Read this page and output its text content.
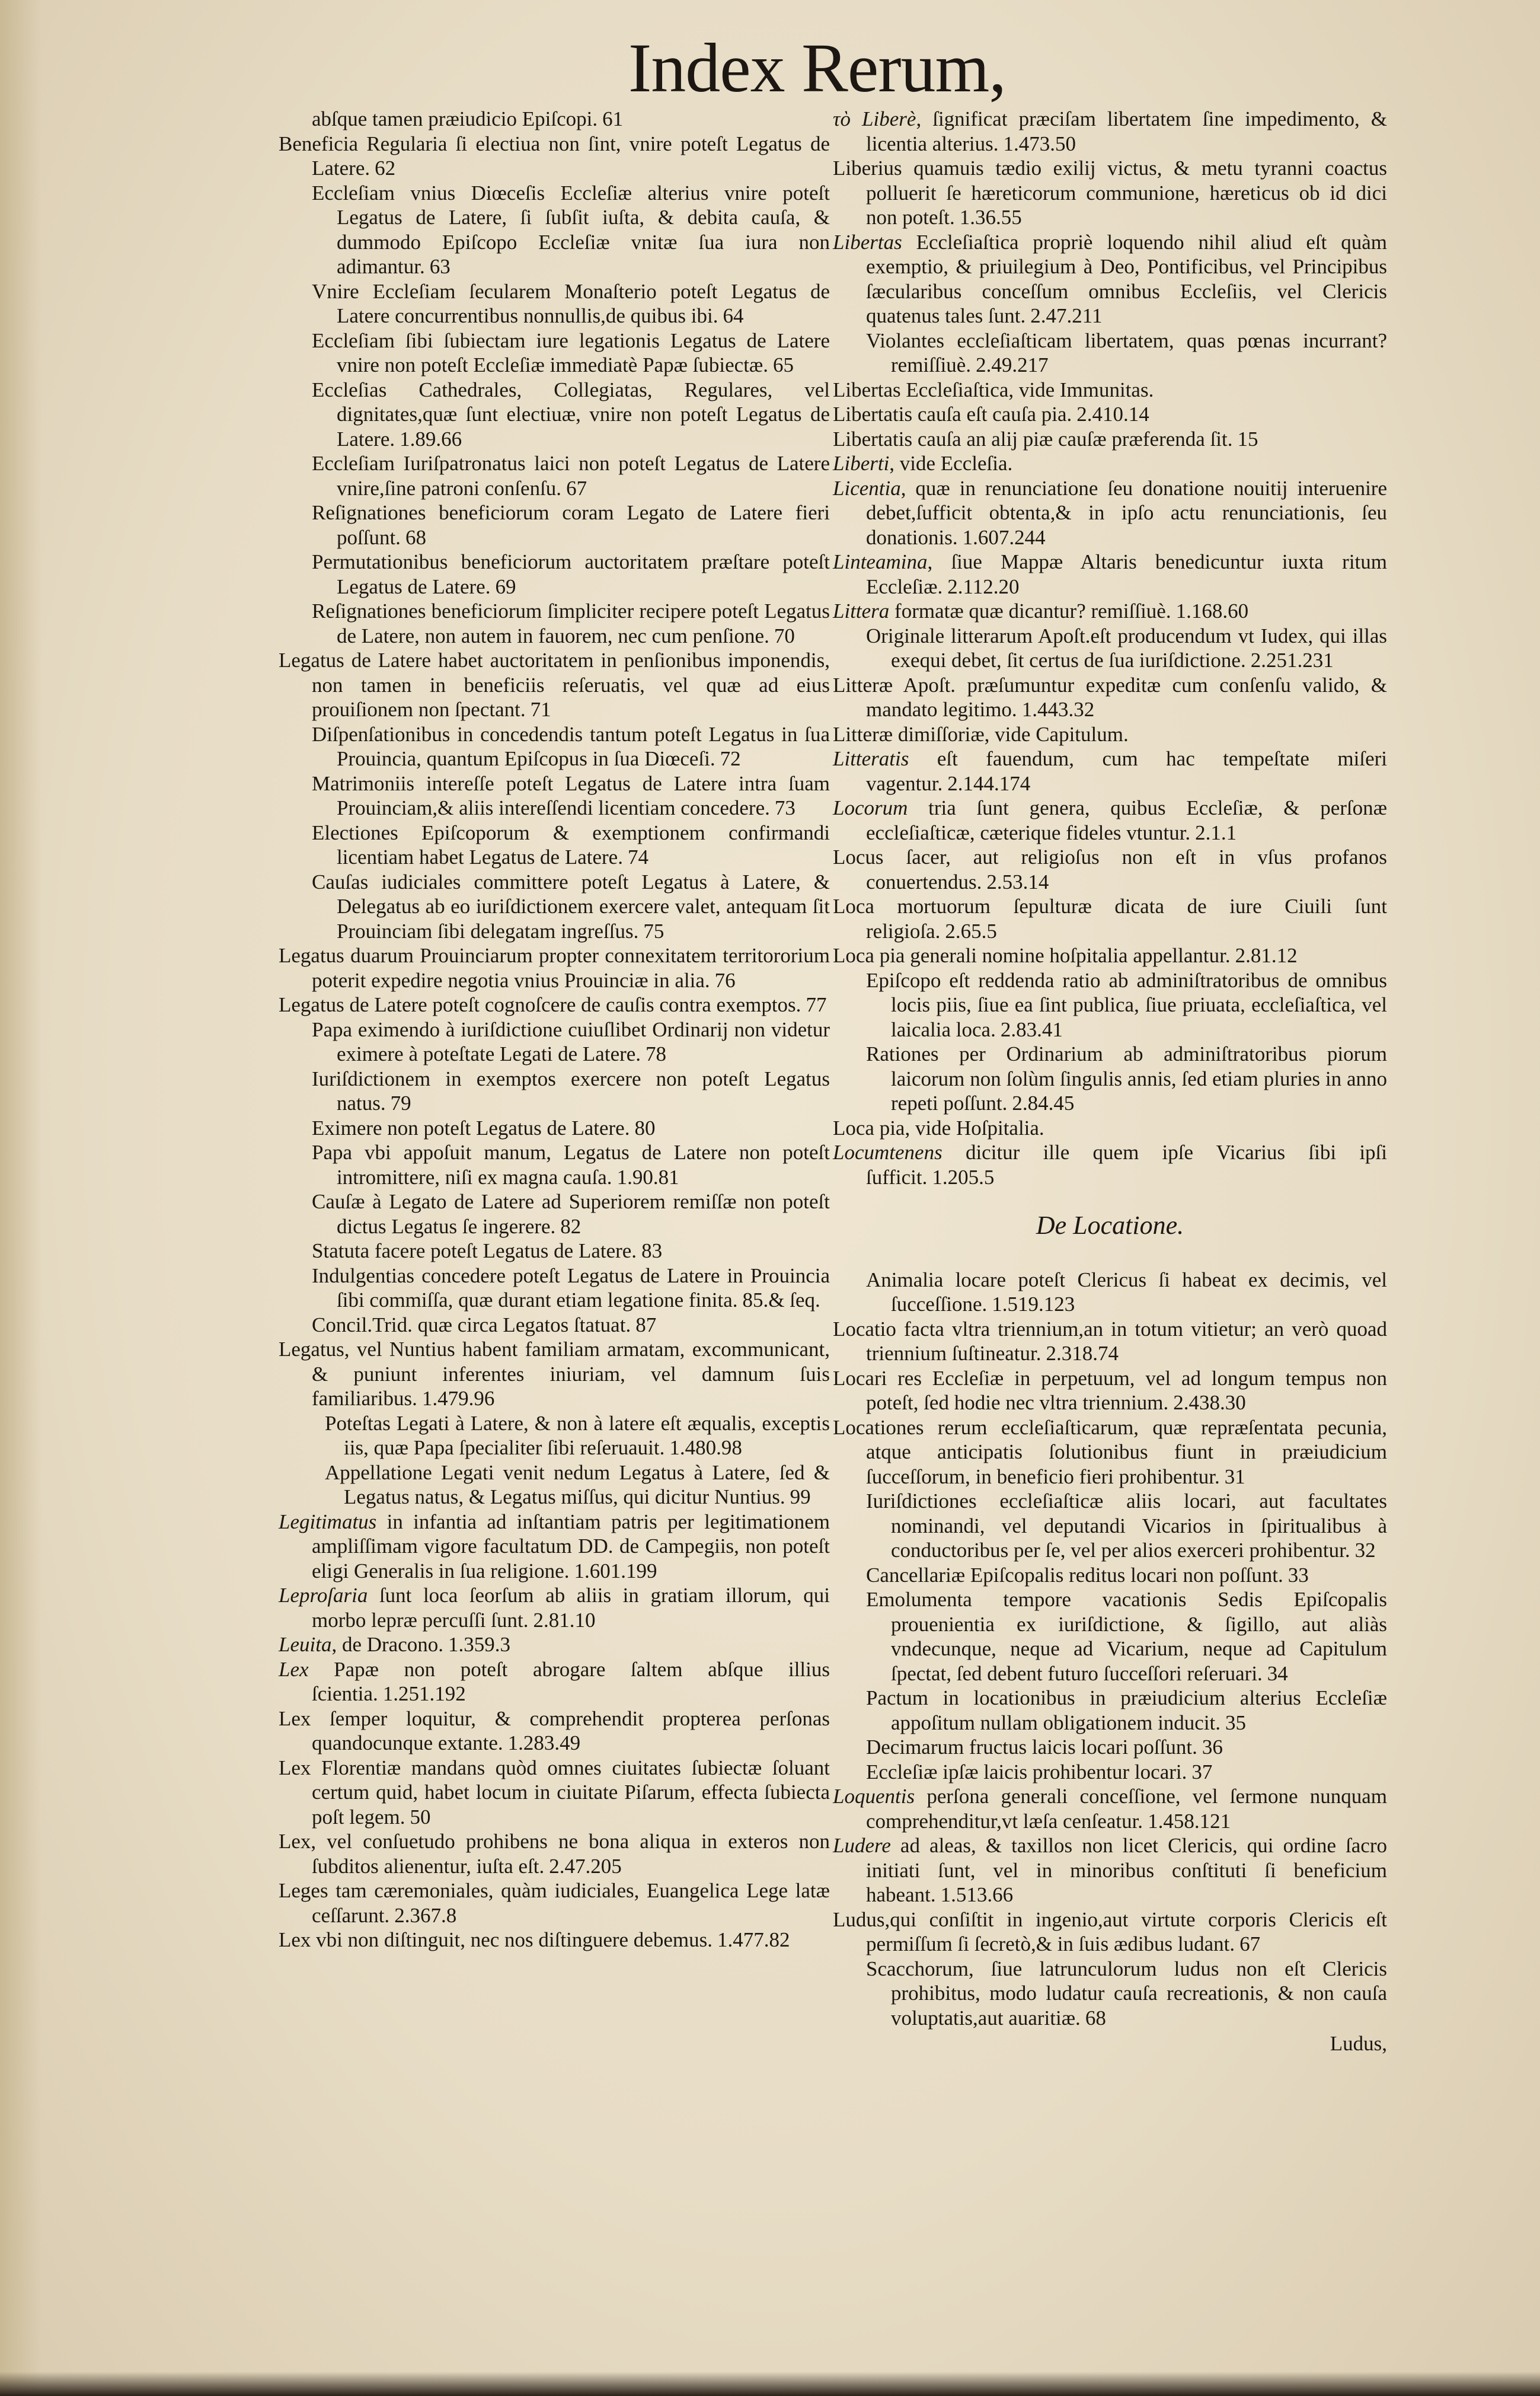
Index Rerum,

abſque tamen præiudicio Epiſcopi. 61

Beneficia Regularia ſi electiua non ſint, vnire poteſt Legatus de Latere. 62

Eccleſiam vnius Diœceſis Eccleſiæ alterius vnire poteſt Legatus de Latere, ſi ſubſit iuſta, & debita cauſa, & dummodo Epiſcopo Eccleſiæ vnitæ ſua iura non adimantur. 63

Vnire Eccleſiam ſecularem Monaſterio poteſt Legatus de Latere concurrentibus nonnullis,de quibus ibi. 64

Eccleſiam ſibi ſubiectam iure legationis Legatus de Latere vnire non poteſt Eccleſiæ immediatè Papæ ſubiectæ. 65

Eccleſias Cathedrales, Collegiatas, Regulares, vel dignitates,quæ ſunt electiuæ, vnire non poteſt Legatus de Latere. 1.89.66

Eccleſiam Iuriſpatronatus laici non poteſt Legatus de Latere vnire,ſine patroni conſenſu. 67

Reſignationes beneficiorum coram Legato de Latere fieri poſſunt. 68

Permutationibus beneficiorum auctoritatem præſtare poteſt Legatus de Latere. 69

Reſignationes beneficiorum ſimpliciter recipere poteſt Legatus de Latere, non autem in fauorem, nec cum penſione. 70

Legatus de Latere habet auctoritatem in penſionibus imponendis, non tamen in beneficiis reſeruatis, vel quæ ad eius prouiſionem non ſpectant. 71

Diſpenſationibus in concedendis tantum poteſt Legatus in ſua Prouincia, quantum Epiſcopus in ſua Diœceſi. 72

Matrimoniis intereſſe poteſt Legatus de Latere intra ſuam Prouinciam,& aliis intereſſendi licentiam concedere. 73

Electiones Epiſcoporum & exemptionem confirmandi licentiam habet Legatus de Latere. 74

Cauſas iudiciales committere poteſt Legatus à Latere, & Delegatus ab eo iuriſdictionem exercere valet, antequam ſit Prouinciam ſibi delegatam ingreſſus. 75

Legatus duarum Prouinciarum propter connexitatem territororium poterit expedire negotia vnius Prouinciæ in alia. 76

Legatus de Latere poteſt cognoſcere de cauſis contra exemptos. 77

Papa eximendo à iuriſdictione cuiuſlibet Ordinarij non videtur eximere à poteſtate Legati de Latere. 78

Iuriſdictionem in exemptos exercere non poteſt Legatus natus. 79

Eximere non poteſt Legatus de Latere. 80

Papa vbi appoſuit manum, Legatus de Latere non poteſt intromittere, niſi ex magna cauſa. 1.90.81

Cauſæ à Legato de Latere ad Superiorem remiſſæ non poteſt dictus Legatus ſe ingerere. 82

Statuta facere poteſt Legatus de Latere. 83

Indulgentias concedere poteſt Legatus de Latere in Prouincia ſibi commiſſa, quæ durant etiam legatione finita. 85.& ſeq.

Concil.Trid. quæ circa Legatos ſtatuat. 87

Legatus, vel Nuntius habent familiam armatam, excommunicant, & puniunt inferentes iniuriam, vel damnum ſuis familiaribus. 1.479.96

Poteſtas Legati à Latere, & non à latere eſt æqualis, exceptis iis, quæ Papa ſpecialiter ſibi reſeruauit. 1.480.98

Appellatione Legati venit nedum Legatus à Latere, ſed & Legatus natus, & Legatus miſſus, qui dicitur Nuntius. 99

Legitimatus in infantia ad inſtantiam patris per legitimationem ampliſſimam vigore facultatum DD. de Campegiis, non poteſt eligi Generalis in ſua religione. 1.601.199

Leproſaria ſunt loca ſeorſum ab aliis in gratiam illorum, qui morbo lepræ percuſſi ſunt. 2.81.10

Leuita, de Dracono. 1.359.3

Lex Papæ non poteſt abrogare ſaltem abſque illius ſcientia. 1.251.192

Lex ſemper loquitur, & comprehendit propterea perſonas quandocunque extante. 1.283.49

Lex Florentiæ mandans quòd omnes ciuitates ſubiectæ ſoluant certum quid, habet locum in ciuitate Piſarum, effecta ſubiecta poſt legem. 50

Lex, vel conſuetudo prohibens ne bona aliqua in exteros non ſubditos alienentur, iuſta eſt. 2.47.205

Leges tam cæremoniales, quàm iudiciales, Euangelica Lege latæ ceſſarunt. 2.367.8

Lex vbi non diſtinguit, nec nos diſtinguere debemus. 1.477.82

τὸ Liberè, ſignificat præciſam libertatem ſine impedimento, & licentia alterius. 1.473.50

Liberius quamuis tædio exilij victus, & metu tyranni coactus polluerit ſe hæreticorum communione, hæreticus ob id dici non poteſt. 1.36.55

Libertas Eccleſiaſtica propriè loquendo nihil aliud eſt quàm exemptio, & priuilegium à Deo, Pontificibus, vel Principibus ſæcularibus conceſſum omnibus Eccleſiis, vel Clericis quatenus tales ſunt. 2.47.211

Violantes eccleſiaſticam libertatem, quas pœnas incurrant? remiſſiuè. 2.49.217

Libertas Eccleſiaſtica, vide Immunitas.

Libertatis cauſa eſt cauſa pia. 2.410.14

Libertatis cauſa an alij piæ cauſæ præferenda ſit. 15

Liberti, vide Eccleſia.

Licentia, quæ in renunciatione ſeu donatione nouitij interuenire debet,ſufficit obtenta,& in ipſo actu renunciationis, ſeu donationis. 1.607.244

Linteamina, ſiue Mappæ Altaris benedicuntur iuxta ritum Eccleſiæ. 2.112.20

Littera formatæ quæ dicantur? remiſſiuè. 1.168.60

Originale litterarum Apoſt.eſt producendum vt Iudex, qui illas exequi debet, ſit certus de ſua iuriſdictione. 2.251.231

Litteræ Apoſt. præſumuntur expeditæ cum conſenſu valido, & mandato legitimo. 1.443.32

Litteræ dimiſſoriæ, vide Capitulum.

Litteratis eſt fauendum, cum hac tempeſtate miſeri vagentur. 2.144.174

Locorum tria ſunt genera, quibus Eccleſiæ, & perſonæ eccleſiaſticæ, cæterique fideles vtuntur. 2.1.1

Locus ſacer, aut religioſus non eſt in vſus profanos conuertendus. 2.53.14

Loca mortuorum ſepulturæ dicata de iure Ciuili ſunt religioſa. 2.65.5

Loca pia generali nomine hoſpitalia appellantur. 2.81.12

Epiſcopo eſt reddenda ratio ab adminiſtratoribus de omnibus locis piis, ſiue ea ſint publica, ſiue priuata, eccleſiaſtica, vel laicalia loca. 2.83.41

Rationes per Ordinarium ab adminiſtratoribus piorum laicorum non ſolùm ſingulis annis, ſed etiam pluries in anno repeti poſſunt. 2.84.45

Loca pia, vide Hoſpitalia.

Locumtenens dicitur ille quem ipſe Vicarius ſibi ipſi ſufficit. 1.205.5

De Locatione.

Animalia locare poteſt Clericus ſi habeat ex decimis, vel ſucceſſione. 1.519.123

Locatio facta vltra triennium,an in totum vitietur; an verò quoad triennium ſuſtineatur. 2.318.74

Locari res Eccleſiæ in perpetuum, vel ad longum tempus non poteſt, ſed hodie nec vltra triennium. 2.438.30

Locationes rerum eccleſiaſticarum, quæ repræſentata pecunia, atque anticipatis ſolutionibus fiunt in præiudicium ſucceſſorum, in beneficio fieri prohibentur. 31

Iuriſdictiones eccleſiaſticæ aliis locari, aut facultates nominandi, vel deputandi Vicarios in ſpiritualibus à conductoribus per ſe, vel per alios exerceri prohibentur. 32

Cancellariæ Epiſcopalis reditus locari non poſſunt. 33

Emolumenta tempore vacationis Sedis Epiſcopalis prouenientia ex iuriſdictione, & ſigillo, aut aliàs vndecunque, neque ad Vicarium, neque ad Capitulum ſpectat, ſed debent futuro ſucceſſori reſeruari. 34

Pactum in locationibus in præiudicium alterius Eccleſiæ appoſitum nullam obligationem inducit. 35

Decimarum fructus laicis locari poſſunt. 36

Eccleſiæ ipſæ laicis prohibentur locari. 37

Loquentis perſona generali conceſſione, vel ſermone nunquam comprehenditur,vt læſa cenſeatur. 1.458.121

Ludere ad aleas, & taxillos non licet Clericis, qui ordine ſacro initiati ſunt, vel in minoribus conſtituti ſi beneficium habeant. 1.513.66

Ludus,qui conſiſtit in ingenio,aut virtute corporis Clericis eſt permiſſum ſi ſecretò,& in ſuis ædibus ludant. 67

Scacchorum, ſiue latrunculorum ludus non eſt Clericis prohibitus, modo ludatur cauſa recreationis, & non cauſa voluptatis,aut auaritiæ. 68

Ludus,
